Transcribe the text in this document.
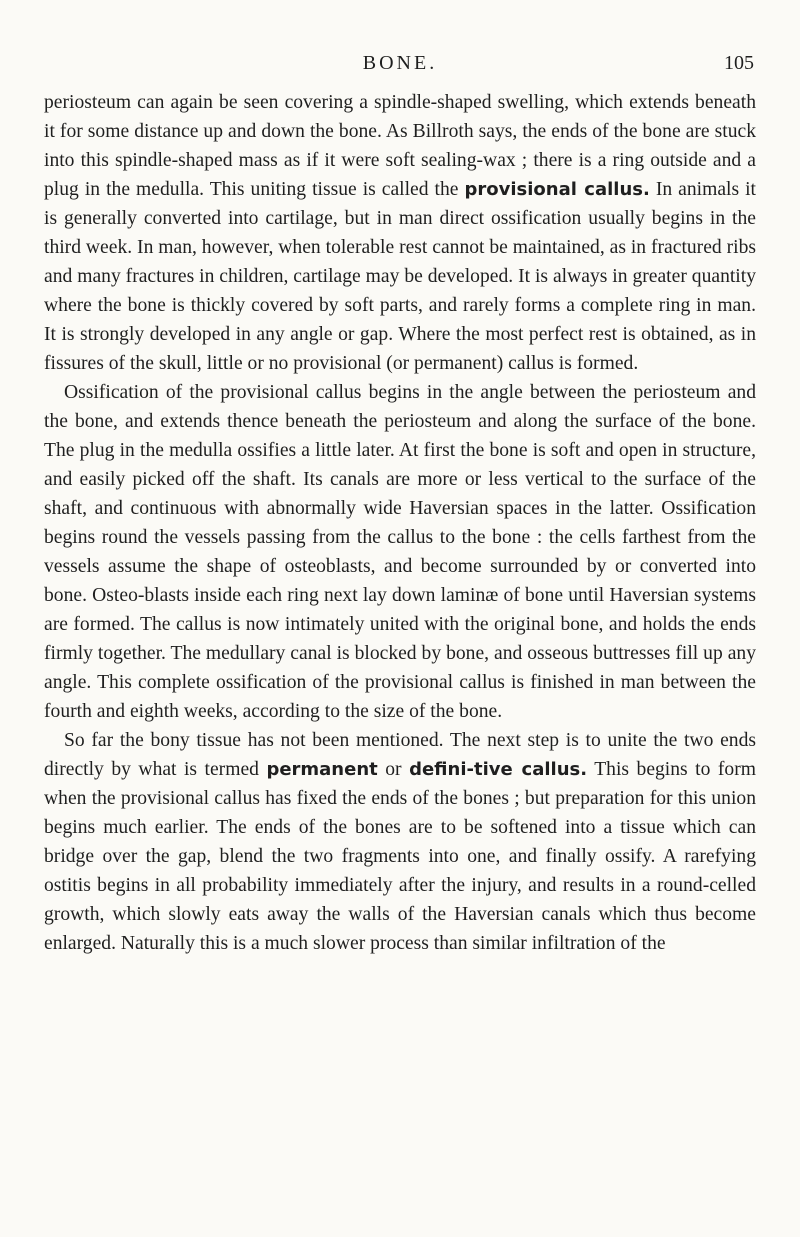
BONE.	105

periosteum can again be seen covering a spindle-shaped swelling, which extends beneath it for some distance up and down the bone. As Billroth says, the ends of the bone are stuck into this spindle-shaped mass as if it were soft sealing-wax ; there is a ring outside and a plug in the medulla. This uniting tissue is called the provisional callus. In animals it is generally converted into cartilage, but in man direct ossification usually begins in the third week. In man, however, when tolerable rest cannot be maintained, as in fractured ribs and many fractures in children, cartilage may be developed. It is always in greater quantity where the bone is thickly covered by soft parts, and rarely forms a complete ring in man. It is strongly developed in any angle or gap. Where the most perfect rest is obtained, as in fissures of the skull, little or no provisional (or permanent) callus is formed.

Ossification of the provisional callus begins in the angle between the periosteum and the bone, and extends thence beneath the periosteum and along the surface of the bone. The plug in the medulla ossifies a little later. At first the bone is soft and open in structure, and easily picked off the shaft. Its canals are more or less vertical to the surface of the shaft, and continuous with abnormally wide Haversian spaces in the latter. Ossification begins round the vessels passing from the callus to the bone : the cells farthest from the vessels assume the shape of osteoblasts, and become surrounded by or converted into bone. Osteo-blasts inside each ring next lay down laminæ of bone until Haversian systems are formed. The callus is now intimately united with the original bone, and holds the ends firmly together. The medullary canal is blocked by bone, and osseous buttresses fill up any angle. This complete ossification of the provisional callus is finished in man between the fourth and eighth weeks, according to the size of the bone.

So far the bony tissue has not been mentioned. The next step is to unite the two ends directly by what is termed permanent or defini-tive callus. This begins to form when the provisional callus has fixed the ends of the bones ; but preparation for this union begins much earlier. The ends of the bones are to be softened into a tissue which can bridge over the gap, blend the two fragments into one, and finally ossify. A rarefying ostitis begins in all probability immediately after the injury, and results in a round-celled growth, which slowly eats away the walls of the Haversian canals which thus become enlarged. Naturally this is a much slower process than similar infiltration of the
